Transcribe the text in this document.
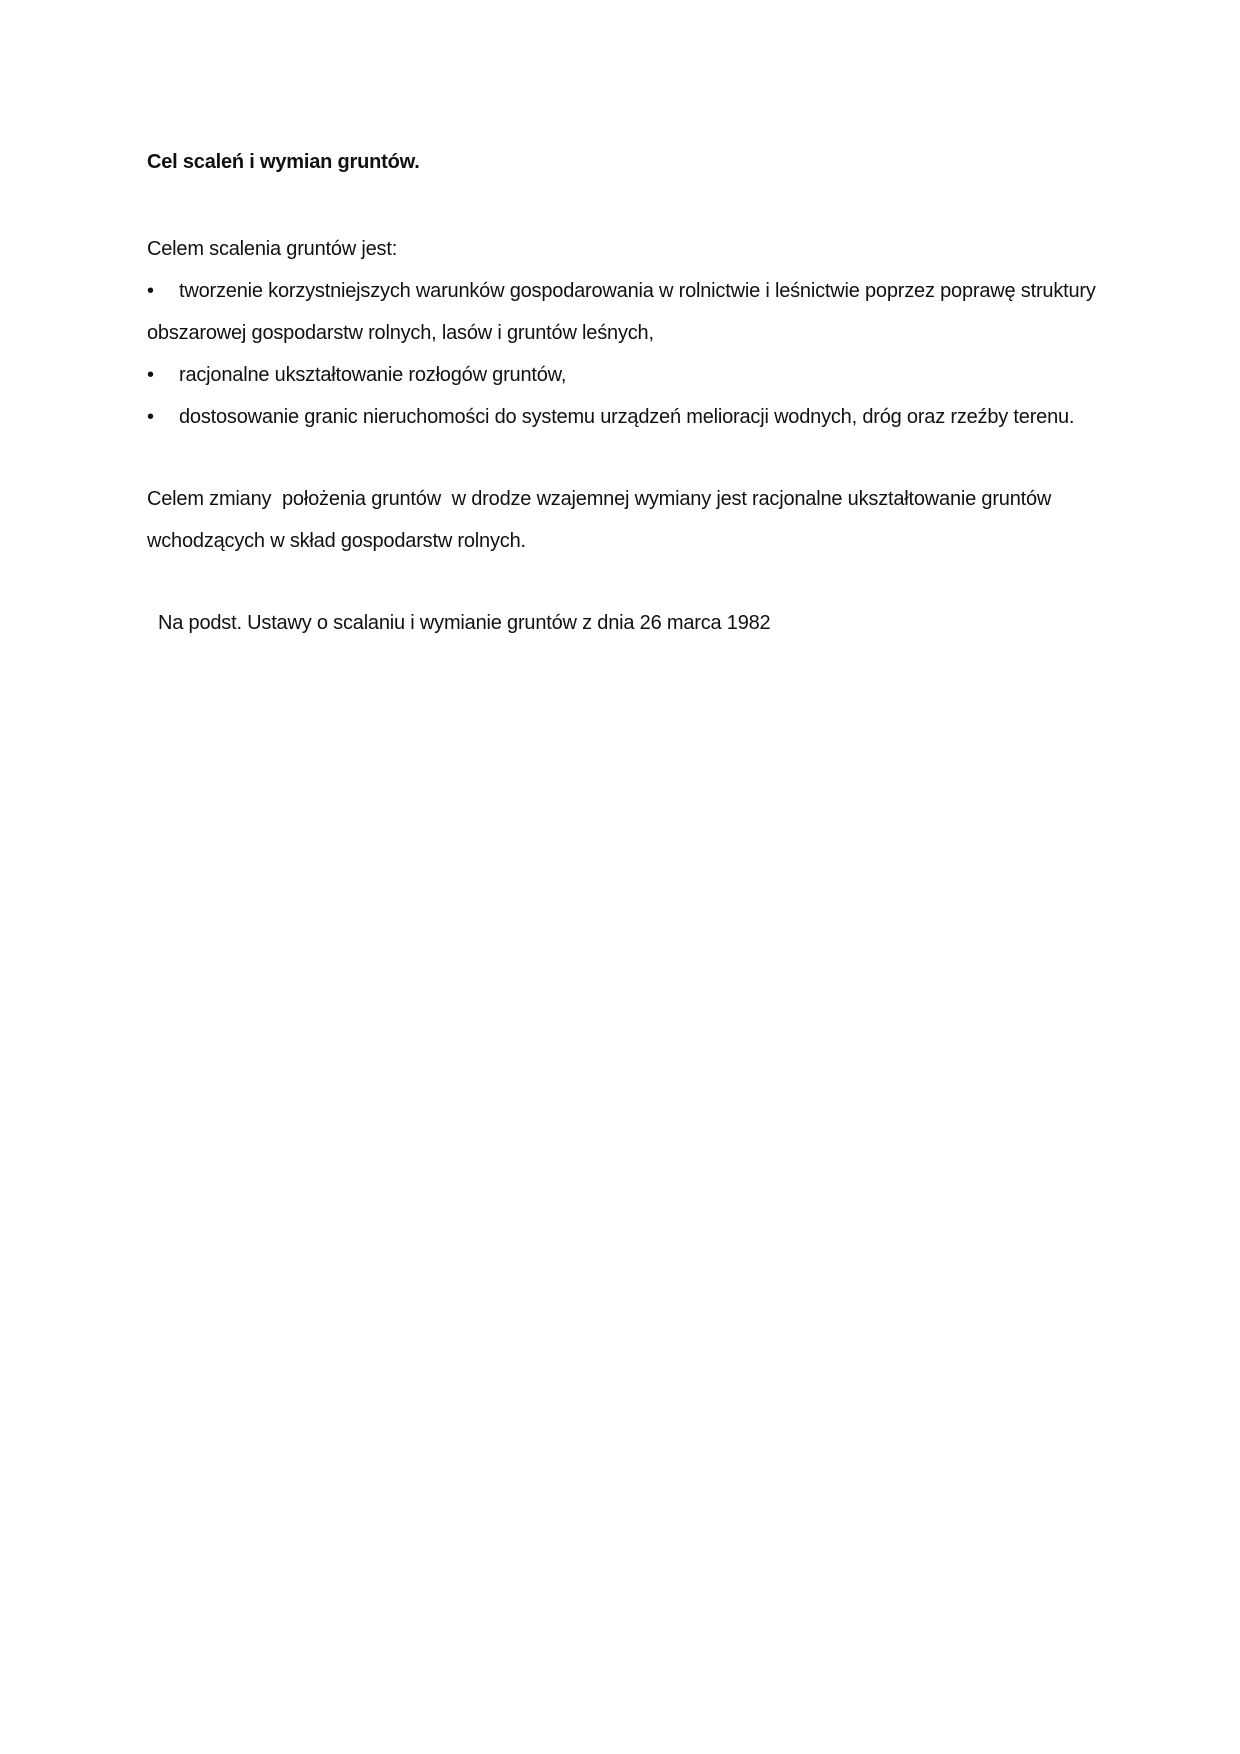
Cel scaleń i wymian gruntów.

Celem scalenia gruntów jest:

• tworzenie korzystniejszych warunków gospodarowania w rolnictwie i leśnictwie poprzez poprawę struktury obszarowej gospodarstw rolnych, lasów i gruntów leśnych,
• racjonalne ukształtowanie rozłogów gruntów,
• dostosowanie granic nieruchomości do systemu urządzeń melioracji wodnych, dróg oraz rzeźby terenu.

Celem zmiany  położenia gruntów  w drodze wzajemnej wymiany jest racjonalne ukształtowanie gruntów wchodzących w skład gospodarstw rolnych.

Na podst. Ustawy o scalaniu i wymianie gruntów z dnia 26 marca 1982
